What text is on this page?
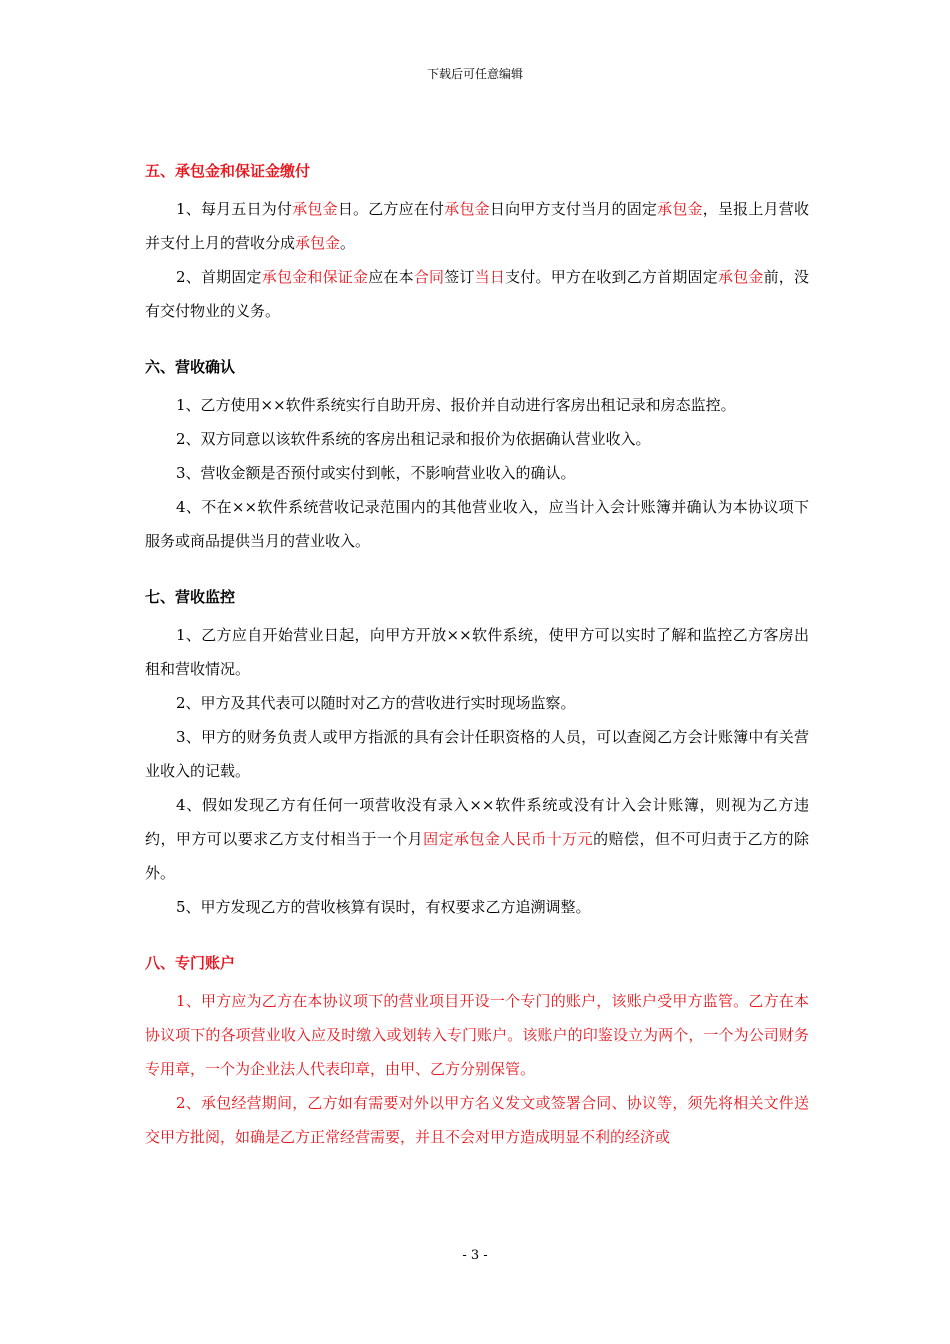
下载后可任意编辑
五、承包金和保证金缴付

1、每月五日为付承包金日。乙方应在付承包金日向甲方支付当月的固定承包金，呈报上月营收并支付上月的营收分成承包金。

2、首期固定承包金和保证金应在本合同签订当日支付。甲方在收到乙方首期固定承包金前，没有交付物业的义务。

六、营收确认

1、乙方使用××软件系统实行自助开房、报价并自动进行客房出租记录和房态监控。

2、双方同意以该软件系统的客房出租记录和报价为依据确认营业收入。

3、营收金额是否预付或实付到帐，不影响营业收入的确认。

4、不在××软件系统营收记录范围内的其他营业收入，应当计入会计账簿并确认为本协议项下服务或商品提供当月的营业收入。

七、营收监控

1、乙方应自开始营业日起，向甲方开放××软件系统，使甲方可以实时了解和监控乙方客房出租和营收情况。

2、甲方及其代表可以随时对乙方的营收进行实时现场监察。

3、甲方的财务负责人或甲方指派的具有会计任职资格的人员，可以查阅乙方会计账簿中有关营业收入的记载。

4、假如发现乙方有任何一项营收没有录入××软件系统或没有计入会计账簿，则视为乙方违约，甲方可以要求乙方支付相当于一个月固定承包金人民币十万元的赔偿，但不可归责于乙方的除外。

5、甲方发现乙方的营收核算有误时，有权要求乙方追溯调整。

八、专门账户

1、甲方应为乙方在本协议项下的营业项目开设一个专门的账户，该账户受甲方监管。乙方在本协议项下的各项营业收入应及时缴入或划转入专门账户。该账户的印鉴设立为两个，一个为公司财务专用章，一个为企业法人代表印章，由甲、乙方分别保管。

2、承包经营期间，乙方如有需要对外以甲方名义发文或签署合同、协议等，须先将相关文件送交甲方批阅，如确是乙方正常经营需要，并且不会对甲方造成明显不利的经济或

- 3 -
